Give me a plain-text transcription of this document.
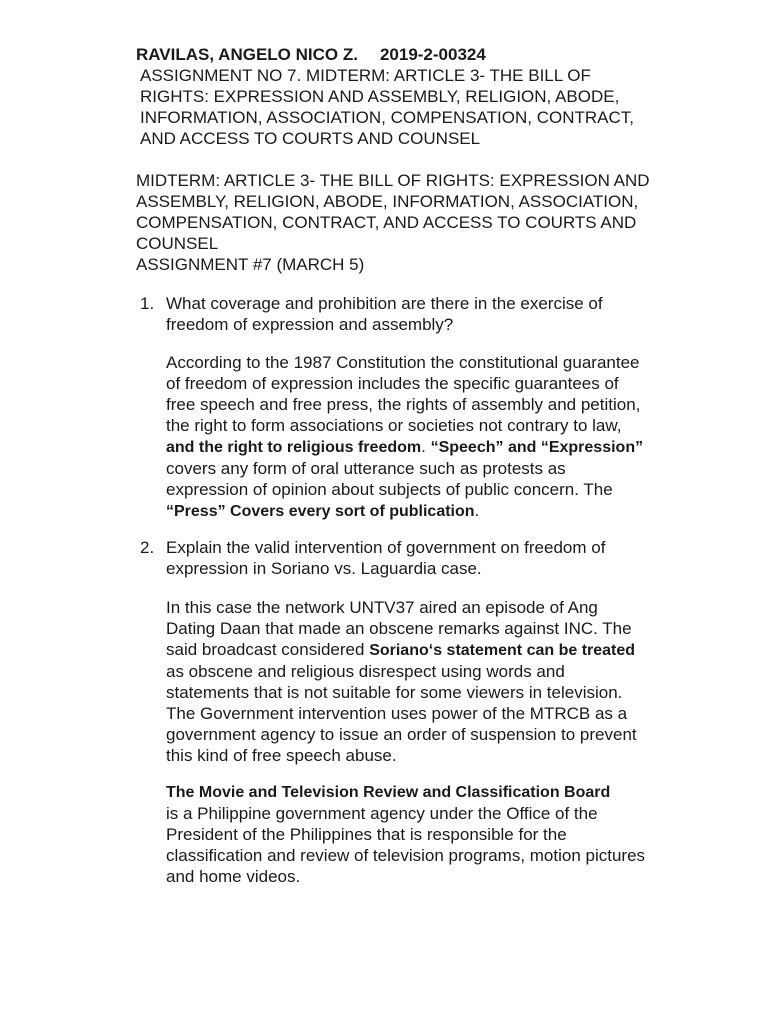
RAVILAS, ANGELO NICO Z. 2019-2-00324
ASSIGNMENT NO 7. MIDTERM: ARTICLE 3- THE BILL OF
RIGHTS: EXPRESSION AND ASSEMBLY, RELIGION, ABODE,
INFORMATION, ASSOCIATION, COMPENSATION, CONTRACT,
AND ACCESS TO COURTS AND COUNSEL
MIDTERM: ARTICLE 3- THE BILL OF RIGHTS: EXPRESSION AND
ASSEMBLY, RELIGION, ABODE, INFORMATION, ASSOCIATION,
COMPENSATION, CONTRACT, AND ACCESS TO COURTS AND
COUNSEL
ASSIGNMENT #7 (MARCH 5)
1. What coverage and prohibition are there in the exercise of
freedom of expression and assembly?
According to the 1987 Constitution the constitutional guarantee
of freedom of expression includes the specific guarantees of
free speech and free press, the rights of assembly and petition,
the right to form associations or societies not contrary to law,
and the right to religious freedom. “Speech” and “Expression”
covers any form of oral utterance such as protests as
expression of opinion about subjects of public concern. The
“Press” Covers every sort of publication.
2. Explain the valid intervention of government on freedom of
expression in Soriano vs. Laguardia case.
In this case the network UNTV37 aired an episode of Ang
Dating Daan that made an obscene remarks against INC. The
said broadcast considered Soriano‘s statement can be treated
as obscene and religious disrespect using words and
statements that is not suitable for some viewers in television.
The Government intervention uses power of the MTRCB as a
government agency to issue an order of suspension to prevent
this kind of free speech abuse.
The Movie and Television Review and Classification Board
is a Philippine government agency under the Office of the
President of the Philippines that is responsible for the
classification and review of television programs, motion pictures
and home videos.
